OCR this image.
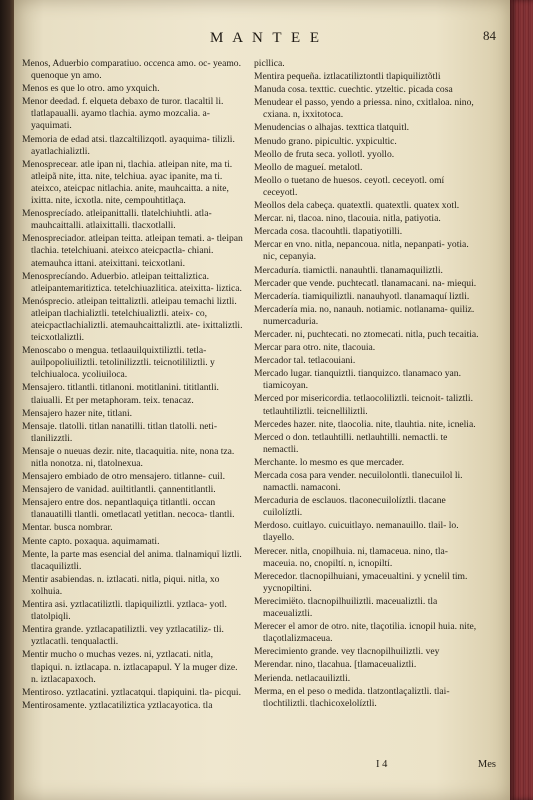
M A N T E E	84
Menos, Aduerbio comparatiuo. occenca amo. oc- yeamo. quenoque yn amo.
Menos es que lo otro. amo yxquich.
Menor deedad. f. elqueta debaxo de turor. tlacaltil li. tlatlapaualli. ayamo tlachia. aymo mozcalia. a- yaquimati.
Memoria de edad atsi. tlazcaltilizqotl. ayaquima- tilizli. ayatlachializtli.
Menosprecear. atle ipan ni, tlachia. atleipan nite, ma ti. atleipã nite, itta. nite, telchiua. ayac ipanite, ma ti. ateixco, ateicpac nitlachia. anite, mauhcaitta. a nite, ixitta. nite, icxotla. nite, cempouhtitlaça.
Menosprecíado. atleipanittalli. tlatelchiuhtli. atla- mauhcaittalli. atlaixittalli. tlacxotlalli.
Menospreciador. atleipan teitta. atleipan temati. a- tleipan tlachia. tetelchiuani. ateixco ateicpactla- chiani. atemauhca ittani. ateixittani. teicxotlani.
Menosprecíando. Aduerbio. atleipan teittaliztica. atleipantemaritiztica. tetelchiuazlitica. ateixitta- liztica.
Menósprecio. atleipan teittaliztli. atleipau temachi liztli. atleipan tlachializtli. tetelchiualiztli. ateix- co, ateicpactlachializtli. atemauhcaittaliztli. ate- ixittaliztli. teicxotlaliztli.
Menoscabo o mengua. tetlaauilquixtiliztli. tetla- auilpopoliuiliztli. tetolinilizztli. teicnotililiztli. y telchiualoca. ycoliuiloca.
Mensajero. titlantli. titlanoni. motitlanini. tititlantli. tlaiualli. Et per metaphoram. teix. tenacaz.
Mensajero hazer nite, titlani.
Mensaje. tlatolli. titlan nanatilli. titlan tlatolli. neti- tlanilizztli.
Mensaje o nueuas dezir. nite, tlacaquitia. nite, nona tza. nitla nonotza. ni, tlatolnexua.
Mensajero embiado de otro mensajero. titlanne- cuil.
Mensajero de vanidad. auiltitlantli. çannentitlantli.
Mensajero entre dos. nepantlaquiça titlantli. occan tlanauatilli tlantli. ometlacatl yetitlan. necoca- tlantli.
Mentar. busca nombrar.
Mente capto. poxaqua. aquimamati.
Mente, la parte mas esencial del anima. tlalnamiquï liztli. tlacaquiliztli.
Mentir asabiendas. n. iztlacati. nitla, piqui. nitla, xo xolhuia.
Mentira asi. yztlacatiliztli. tlapiquiliztli. yztlaca- yotl. tlatolpiqli.
Mentira grande. yztlacapatiliztli. vey yztlacatiliz- tli. yztlacatli. tenqualactli.
Mentir mucho o muchas vezes. ni, yztlacati. nitla, tlapiqui. n. iztlacapa. n. iztlacapapul. Y la muger dize. n. iztlacapaxoch.
Mentiroso. yztlacatini. yztlacatqui. tlapiquini. tla- picqui.
Mentirosamente. yztlacatiliztica yztlacayotica. tla
picllica.
Mentira pequeña. iztlacatiliztontli tlapiquiliztõtli
Manuda cosa. texttic. cuechtic. ytzeltic. picada cosa
Menudear el passo, yendo a priessa. nino, cxitlaloa. nino, cxiana. n, ixxitotoca.
Menudencias o alhajas. texttica tlatquitl.
Menudo grano. pipicultic. yxpicultic.
Meollo de fruta seca. yollotl. yyollo.
Meollo de magueí. metalotl.
Meollo o tuetano de huesos. ceyotl. ceceyotl. omí ceceyotl.
Meollos dela cabeça. quatextli. quatextli. quatex xotl.
Mercar. ni, tlacoa. nino, tlacouia. nitla, patiyotia.
Mercada cosa. tlacouhtli. tlapatiyotilli.
Mercar en vno. nitla, nepancoua. nitla, nepanpati- yotia. nic, cepanyia.
Mercaduría. tiamictli. nanauhtli. tlanamaquiliztli.
Mercader que vende. puchtecatl. tlanamacani. na- miequi.
Mercadería. tiamiquiliztli. nanauhyotl. tlanamaquí liztli.
Mercadería mia. no, nanauh. notiamic. notlanama- quiliz. numercaduria.
Mercader. ni, puchtecati. no ztomecati. nitla, puch tecaitia.
Mercar para otro. nite, tlacouia.
Mercador tal. tetlacouiani.
Mercado lugar. tianquiztli. tianquizco. tlanamaco yan. tiamicoyan.
Merced por misericordia. tetlaocoliliztli. teicnoit- taliztli. tetlauhtiliztli. teicnelliliztli.
Mercedes hazer. nite, tlaocolia. nite, tlauhtia. nite, icnelia.
Merced o don. tetlauhtilli. netlauhtilli. nemactli. te nemactli.
Merchante. lo mesmo es que mercader.
Mercada cosa para vender. necuilolontli. tlanecuilol li. namactli. namaconi.
Mercaduria de esclauos. tlaconecuilolíztli. tlacane cuilolíztli.
Merdoso. cuitlayo. cuicuitlayo. nemanauillo. tlail- lo. tlayello.
Merecer. nitla, cnopilhuia. ni, tlamaceua. nino, tla- maceuia. no, cnopiltí. n, icnopiltí.
Merecedor. tlacnopilhuiani, ymaceualtini. y ycnelil tim. yycnopiltini.
Merecimiëto. tlacnopilhuiliztli. maceualiztli. tla maceualiztli.
Merecer el amor de otro. nite, tlaçotilia. icnopil huia. nite, tlaçotlalizmaceua.
Merecimiento grande. vey tlacnopilhuiliztli. vey
Merendar. nino, tlacahua. [tlamaceualiztli.
Merienda. netlacauiliztli.
Merma, en el peso o medida. tlatzontlaçaliztli. tlai- tlochtiliztli. tlachicoxelolíztli.
I 4	Mes
